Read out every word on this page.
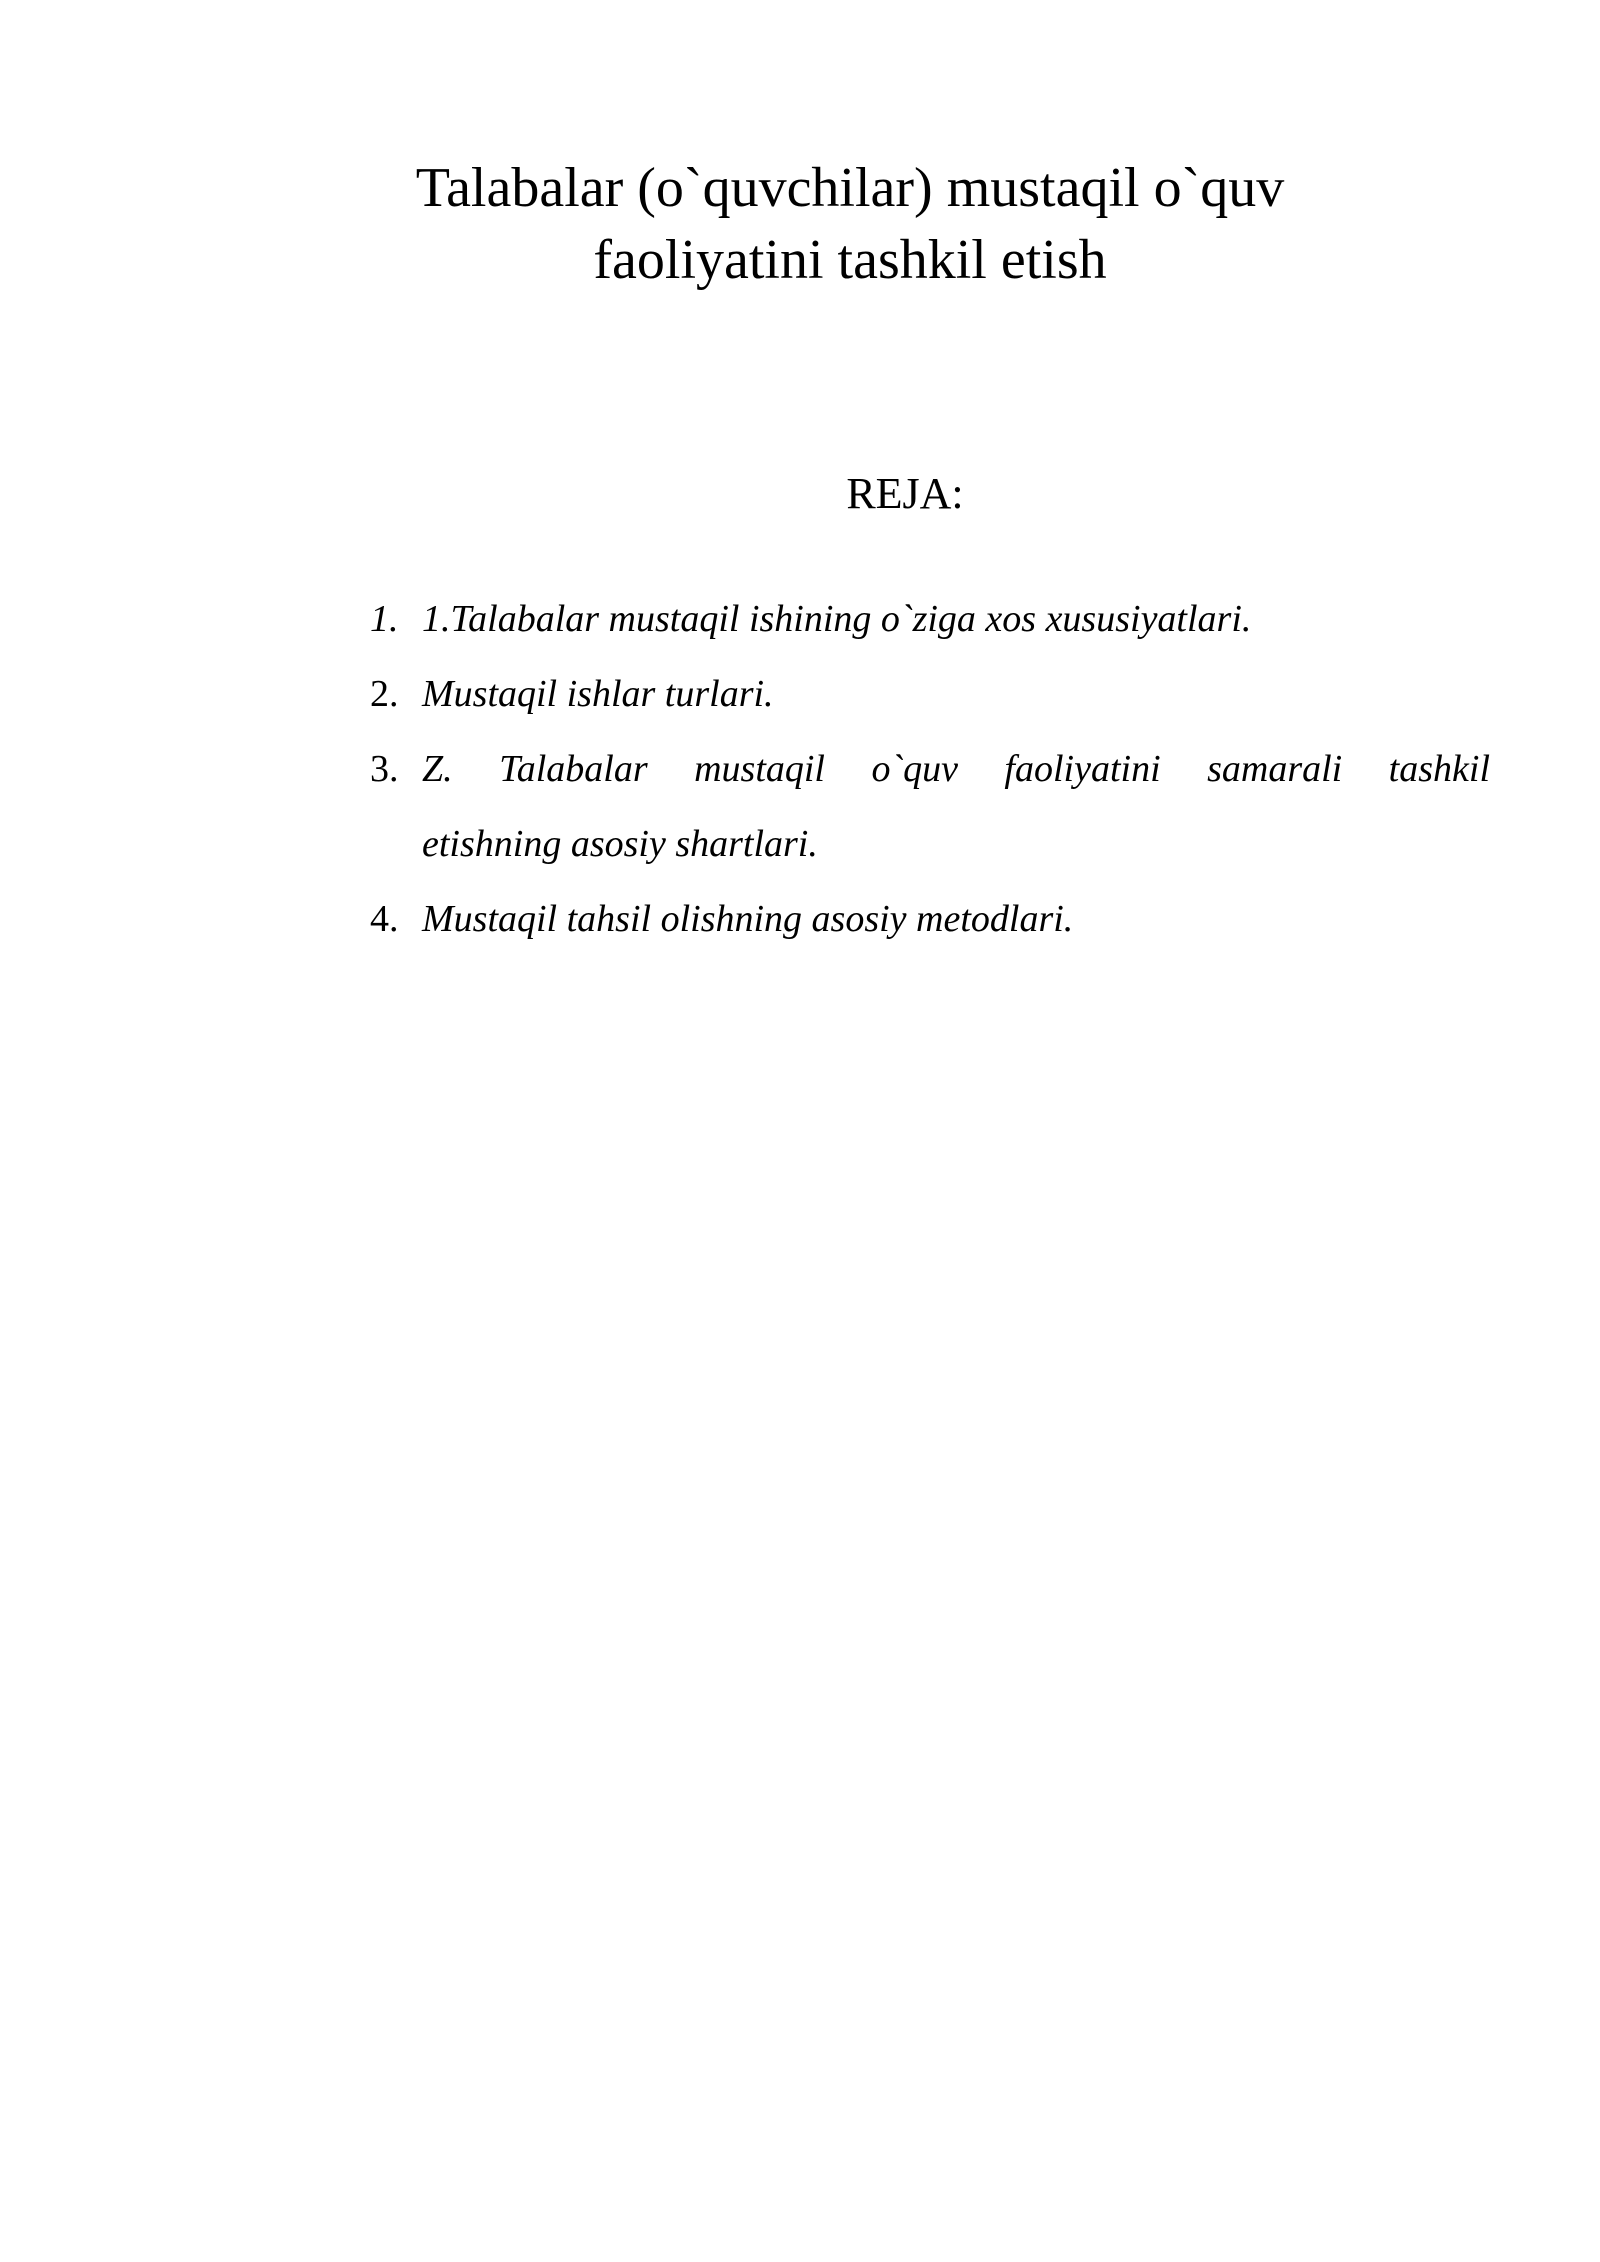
Talabalar (o`quvchilar) mustaqil o`quv
faoliyatini tashkil etish
REJA:
1. 1.Talabalar mustaqil ishining o`ziga xos xususiyatlari.
2. Mustaqil ishlar turlari.
3. Z. Talabalar mustaqil o`quv faoliyatini samarali tashkil
etishning asosiy shartlari.
4. Mustaqil tahsil olishning asosiy metodlari.
